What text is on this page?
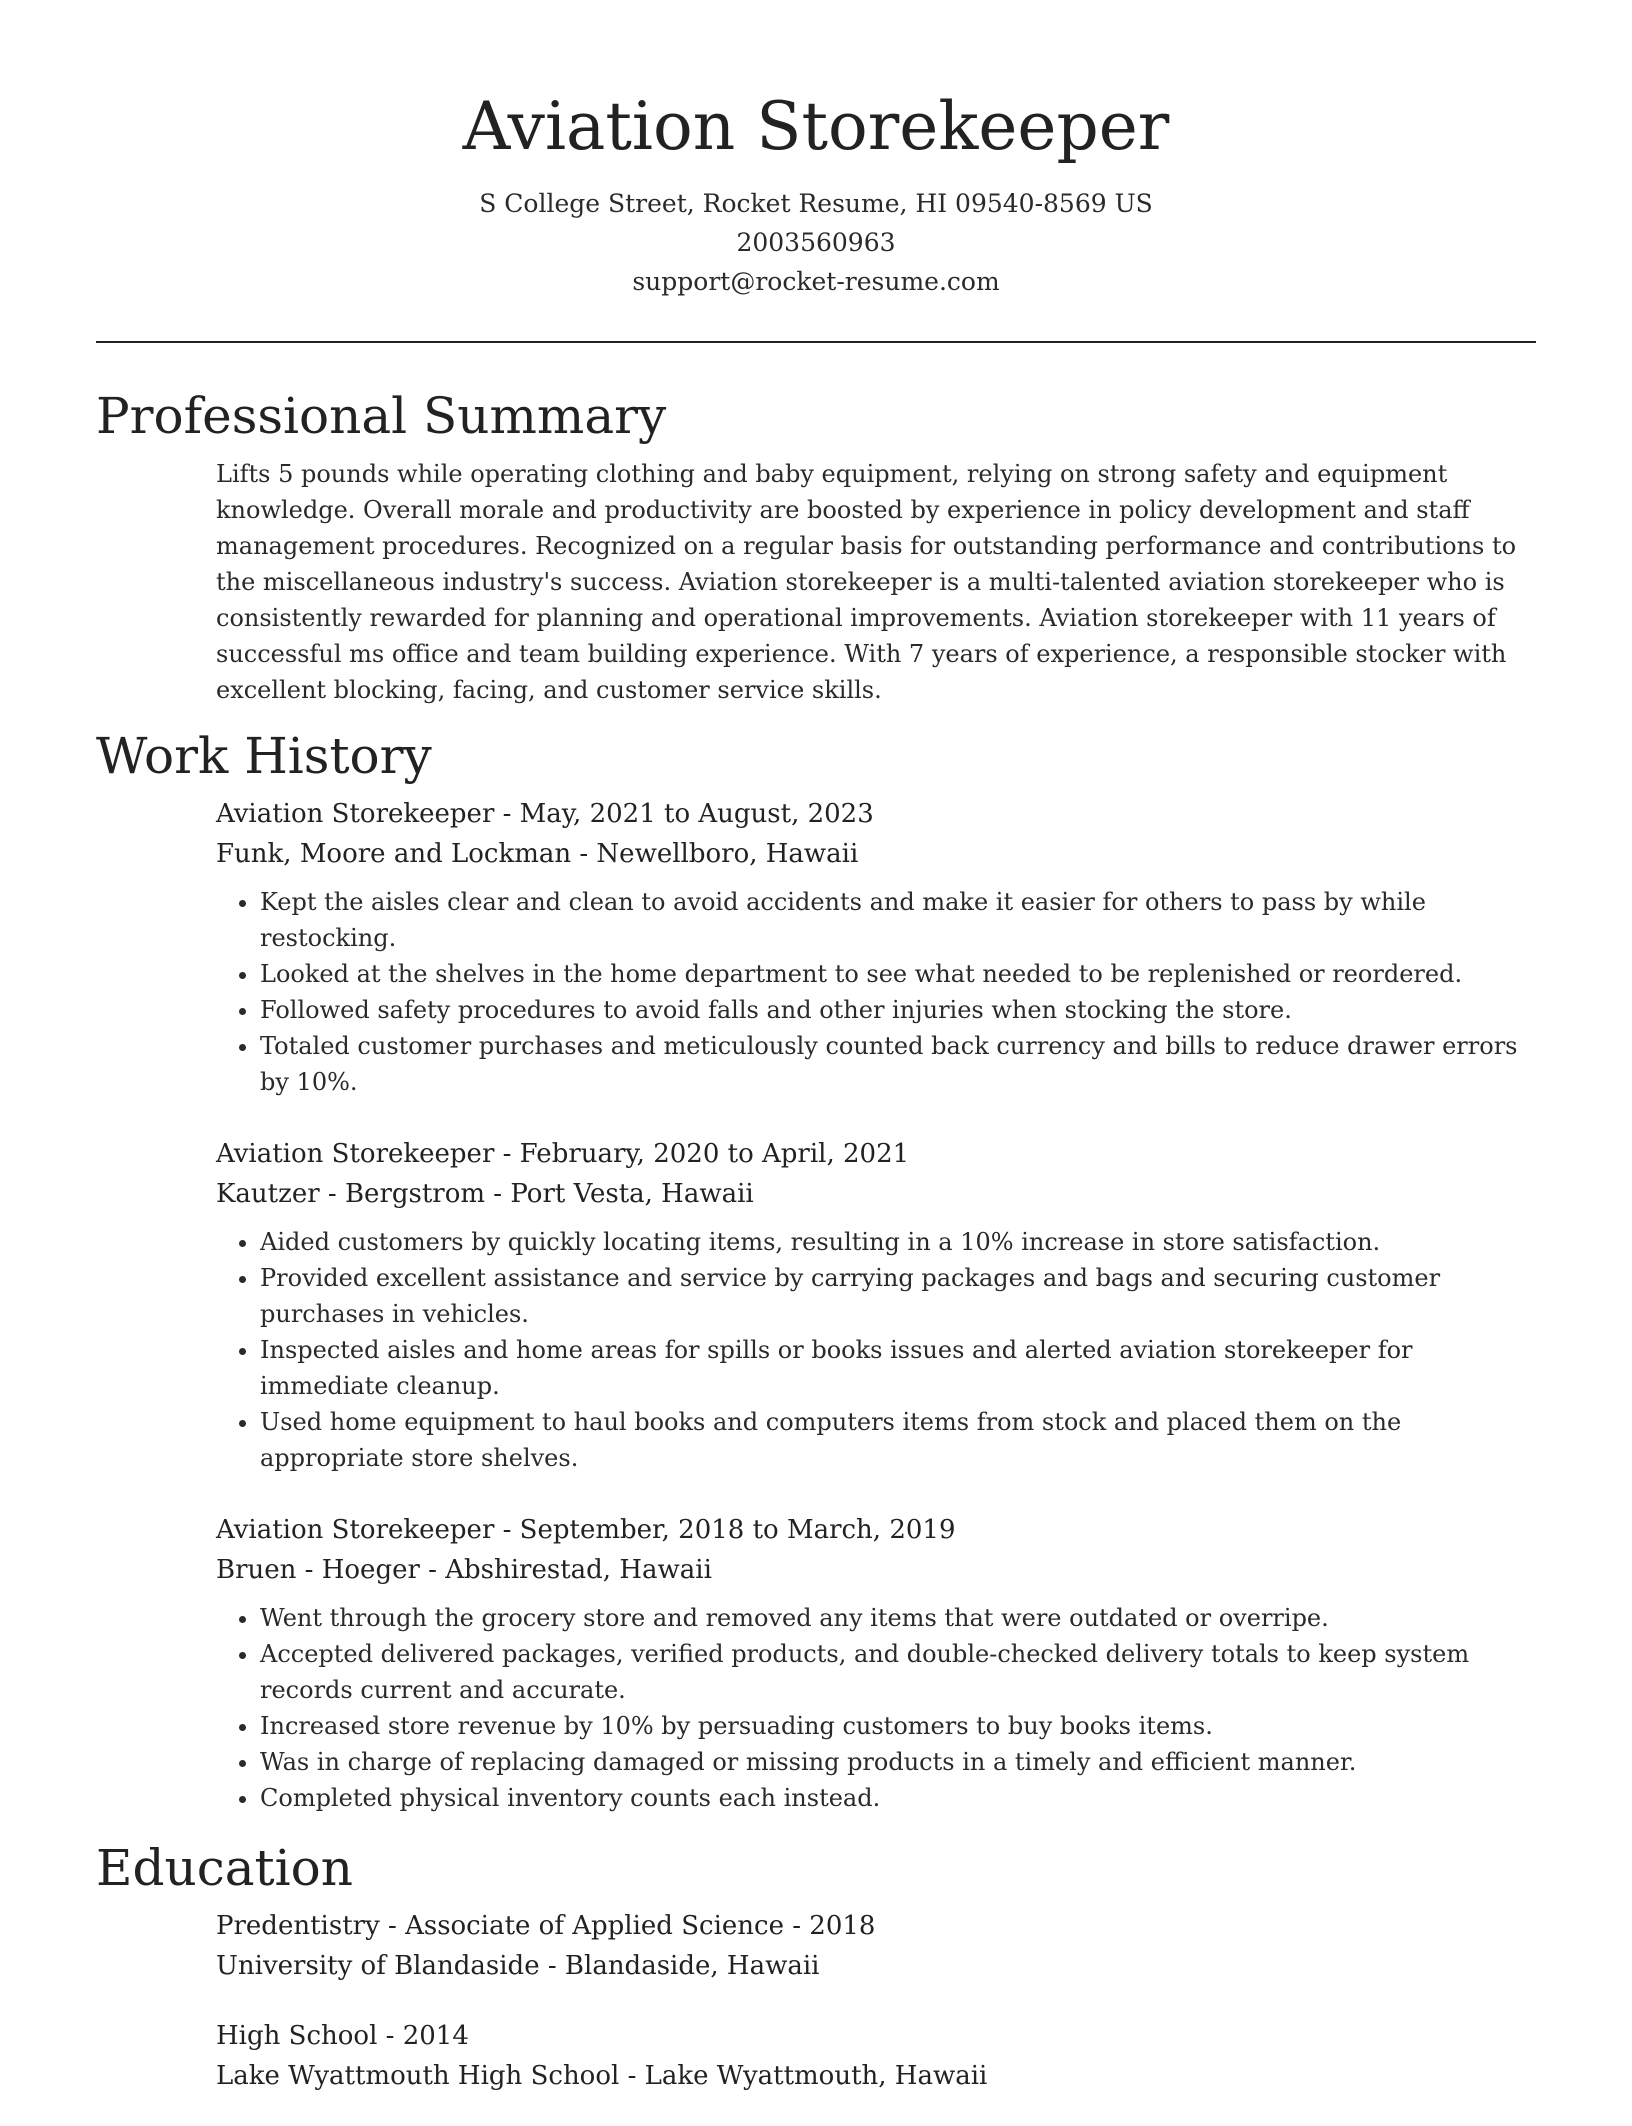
Aviation Storekeeper
S College Street, Rocket Resume, HI 09540-8569 US
2003560963
support@rocket-resume.com
Professional Summary

Lifts 5 pounds while operating clothing and baby equipment, relying on strong safety and equipment knowledge. Overall morale and productivity are boosted by experience in policy development and staff management procedures. Recognized on a regular basis for outstanding performance and contributions to the miscellaneous industry's success. Aviation storekeeper is a multi-talented aviation storekeeper who is consistently rewarded for planning and operational improvements. Aviation storekeeper with 11 years of successful ms office and team building experience. With 7 years of experience, a responsible stocker with excellent blocking, facing, and customer service skills.

Work History
Aviation Storekeeper - May, 2021 to August, 2023
Funk, Moore and Lockman - Newellboro, Hawaii
• Kept the aisles clear and clean to avoid accidents and make it easier for others to pass by while restocking.
• Looked at the shelves in the home department to see what needed to be replenished or reordered.
• Followed safety procedures to avoid falls and other injuries when stocking the store.
• Totaled customer purchases and meticulously counted back currency and bills to reduce drawer errors by 10%.
Aviation Storekeeper - February, 2020 to April, 2021
Kautzer - Bergstrom - Port Vesta, Hawaii
• Aided customers by quickly locating items, resulting in a 10% increase in store satisfaction.
• Provided excellent assistance and service by carrying packages and bags and securing customer purchases in vehicles.
• Inspected aisles and home areas for spills or books issues and alerted aviation storekeeper for immediate cleanup.
• Used home equipment to haul books and computers items from stock and placed them on the appropriate store shelves.
Aviation Storekeeper - September, 2018 to March, 2019
Bruen - Hoeger - Abshirestad, Hawaii
• Went through the grocery store and removed any items that were outdated or overripe.
• Accepted delivered packages, verified products, and double-checked delivery totals to keep system records current and accurate.
• Increased store revenue by 10% by persuading customers to buy books items.
• Was in charge of replacing damaged or missing products in a timely and efficient manner.
• Completed physical inventory counts each instead.
Education
Predentistry - Associate of Applied Science - 2018
University of Blandaside - Blandaside, Hawaii
High School - 2014
Lake Wyattmouth High School - Lake Wyattmouth, Hawaii
